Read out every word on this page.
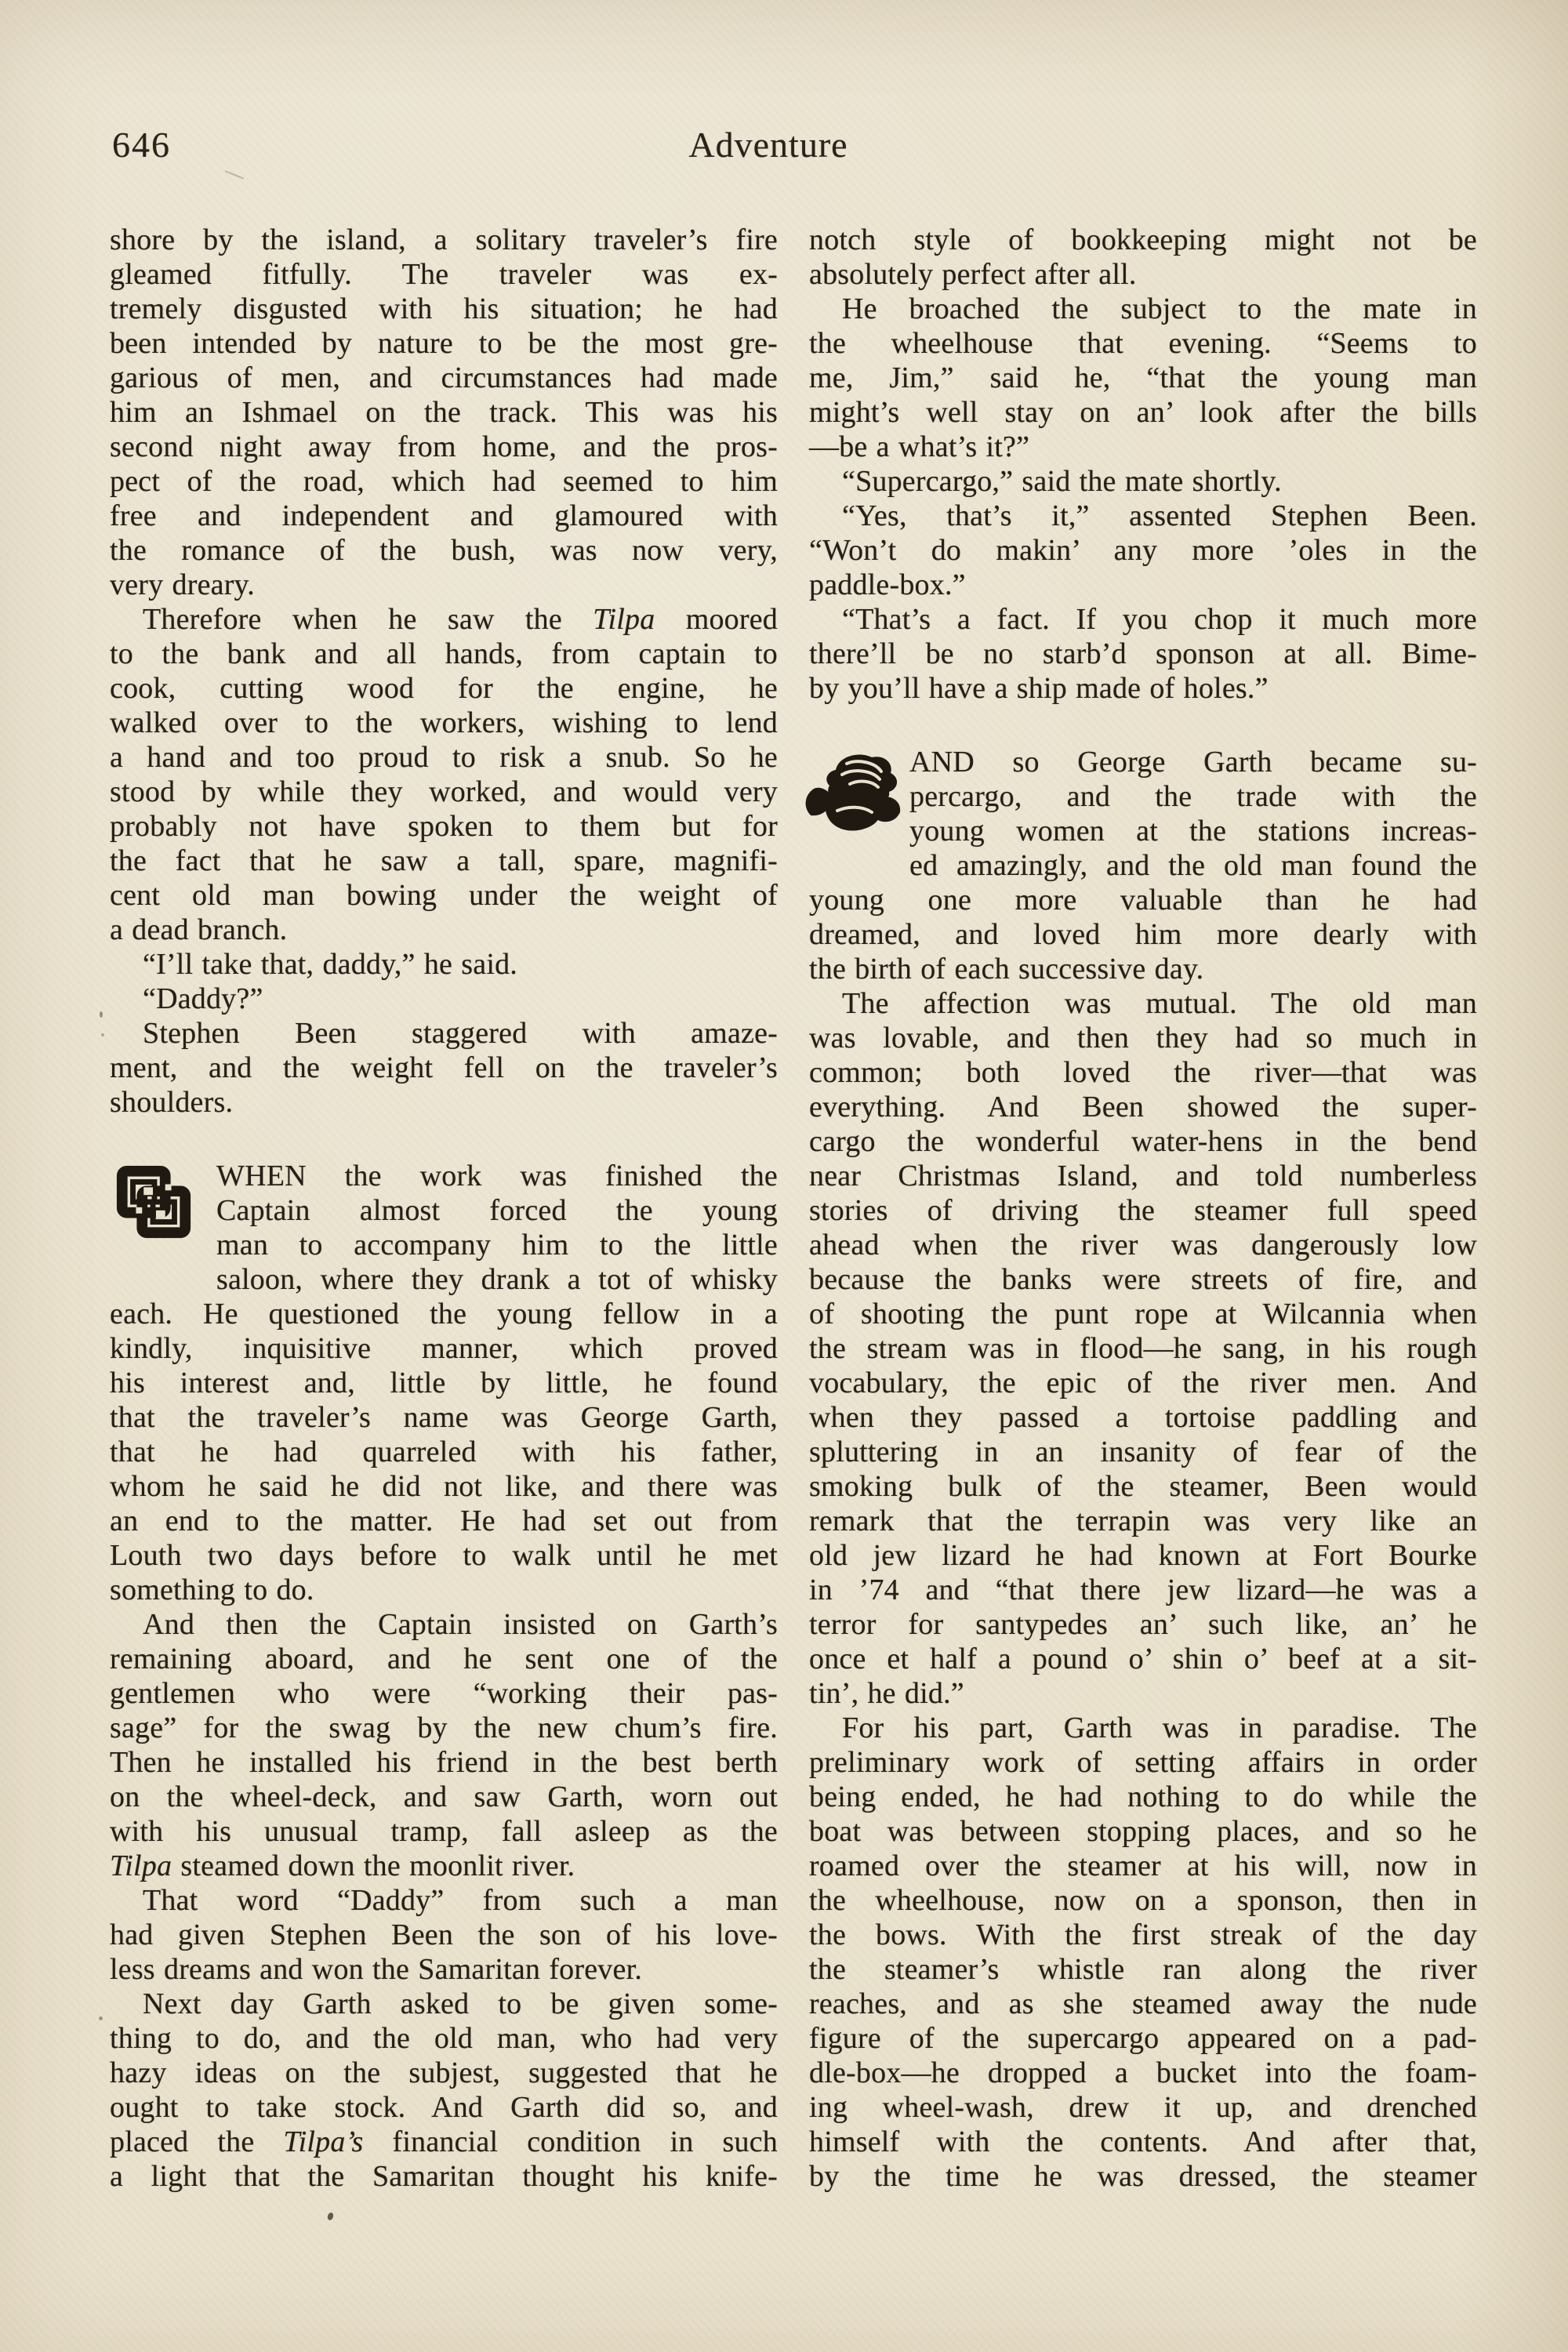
646	Adventure
shore by the island, a solitary traveler’s fire
gleamed fitfully. The traveler was ex-
tremely disgusted with his situation; he had
been intended by nature to be the most gre-
garious of men, and circumstances had made
him an Ishmael on the track. This was his
second night away from home, and the pros-
pect of the road, which had seemed to him
free and independent and glamoured with
the romance of the bush, was now very,
very dreary.
Therefore when he saw the Tilpa moored
to the bank and all hands, from captain to
cook, cutting wood for the engine, he
walked over to the workers, wishing to lend
a hand and too proud to risk a snub. So he
stood by while they worked, and would very
probably not have spoken to them but for
the fact that he saw a tall, spare, magnifi-
cent old man bowing under the weight of
a dead branch.
“I’ll take that, daddy,” he said.
“Daddy?”
Stephen Been staggered with amaze-
ment, and the weight fell on the traveler’s
shoulders.
WHEN the work was finished the
Captain almost forced the young
man to accompany him to the little
saloon, where they drank a tot of whisky
each. He questioned the young fellow in a
kindly, inquisitive manner, which proved
his interest and, little by little, he found
that the traveler’s name was George Garth,
that he had quarreled with his father,
whom he said he did not like, and there was
an end to the matter. He had set out from
Louth two days before to walk until he met
something to do.
And then the Captain insisted on Garth’s
remaining aboard, and he sent one of the
gentlemen who were “working their pas-
sage” for the swag by the new chum’s fire.
Then he installed his friend in the best berth
on the wheel-deck, and saw Garth, worn out
with his unusual tramp, fall asleep as the
Tilpa steamed down the moonlit river.
That word “Daddy” from such a man
had given Stephen Been the son of his love-
less dreams and won the Samaritan forever.
Next day Garth asked to be given some-
thing to do, and the old man, who had very
hazy ideas on the subjest, suggested that he
ought to take stock. And Garth did so, and
placed the Tilpa’s financial condition in such
a light that the Samaritan thought his knife-
notch style of bookkeeping might not be
absolutely perfect after all.
He broached the subject to the mate in
the wheelhouse that evening. “Seems to
me, Jim,” said he, “that the young man
might’s well stay on an’ look after the bills
—be a what’s it?”
“Supercargo,” said the mate shortly.
“Yes, that’s it,” assented Stephen Been.
“Won’t do makin’ any more ’oles in the
paddle-box.”
“That’s a fact. If you chop it much more
there’ll be no starb’d sponson at all. Bime-
by you’ll have a ship made of holes.”
AND so George Garth became su-
percargo, and the trade with the
young women at the stations increas-
ed amazingly, and the old man found the
young one more valuable than he had
dreamed, and loved him more dearly with
the birth of each successive day.
The affection was mutual. The old man
was lovable, and then they had so much in
common; both loved the river—that was
everything. And Been showed the super-
cargo the wonderful water-hens in the bend
near Christmas Island, and told numberless
stories of driving the steamer full speed
ahead when the river was dangerously low
because the banks were streets of fire, and
of shooting the punt rope at Wilcannia when
the stream was in flood—he sang, in his rough
vocabulary, the epic of the river men. And
when they passed a tortoise paddling and
spluttering in an insanity of fear of the
smoking bulk of the steamer, Been would
remark that the terrapin was very like an
old jew lizard he had known at Fort Bourke
in ’74 and “that there jew lizard—he was a
terror for santypedes an’ such like, an’ he
once et half a pound o’ shin o’ beef at a sit-
tin’, he did.”
For his part, Garth was in paradise. The
preliminary work of setting affairs in order
being ended, he had nothing to do while the
boat was between stopping places, and so he
roamed over the steamer at his will, now in
the wheelhouse, now on a sponson, then in
the bows. With the first streak of the day
the steamer’s whistle ran along the river
reaches, and as she steamed away the nude
figure of the supercargo appeared on a pad-
dle-box—he dropped a bucket into the foam-
ing wheel-wash, drew it up, and drenched
himself with the contents. And after that,
by the time he was dressed, the steamer
